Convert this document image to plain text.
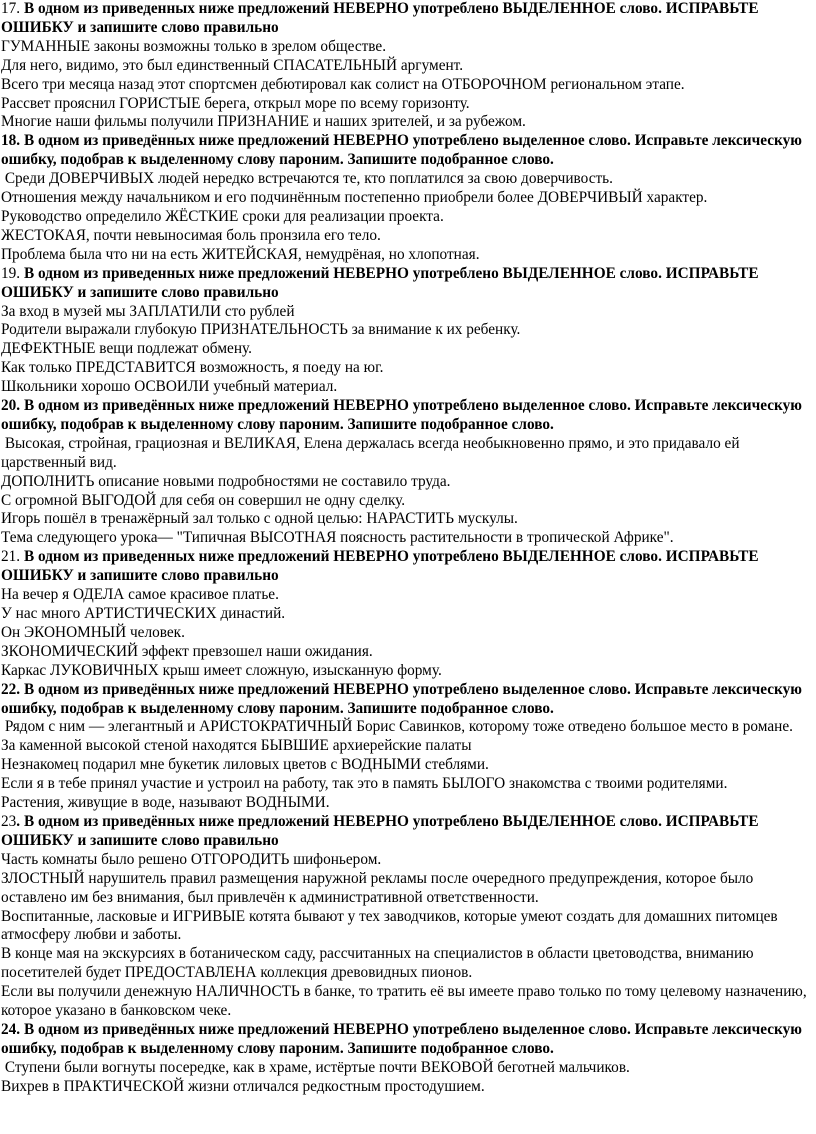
17. В одном из приведенных ниже предложений НЕВЕРНО употреблено ВЫДЕЛЕННОЕ слово. ИСПРАВЬТЕ ОШИБКУ и запишите слово правильно

ГУМАННЫЕ законы возможны только в зрелом обществе.

Для него, видимо, это был единственный СПАСАТЕЛЬНЫЙ аргумент.

Всего три месяца назад этот спортсмен дебютировал как солист на ОТБОРОЧНОМ региональном этапе.

Рассвет прояснил ГОРИСТЫЕ берега, открыл море по всему горизонту.

Многие наши фильмы получили ПРИЗНАНИЕ и наших зрителей, и за рубежом.

18. В одном из приведённых ниже предложений НЕВЕРНО употреблено выделенное слово. Исправьте лексическую ошибку, подобрав к выделенному слову пароним. Запишите подобранное слово.

Среди ДОВЕРЧИВЫХ людей нередко встречаются те, кто поплатился за свою доверчивость.

Отношения между начальником и его подчинённым постепенно приобрели более ДОВЕРЧИВЫЙ характер.

Руководство определило ЖЁСТКИЕ сроки для реализации проекта.

ЖЕСТОКАЯ, почти невыносимая боль пронзила его тело.

Проблема была что ни на есть ЖИТЕЙСКАЯ, немудрёная, но хлопотная.

19. В одном из приведенных ниже предложений НЕВЕРНО употреблено ВЫДЕЛЕННОЕ слово. ИСПРАВЬТЕ ОШИБКУ и запишите слово правильно

За вход в музей мы ЗАПЛАТИЛИ сто рублей

Родители выражали глубокую ПРИЗНАТЕЛЬНОСТЬ за внимание к их ребенку.

ДЕФЕКТНЫЕ вещи подлежат обмену.

Как только ПРЕДСТАВИТСЯ возможность, я поеду на юг.

Школьники хорошо ОСВОИЛИ учебный материал.

20. В одном из приведённых ниже предложений НЕВЕРНО употреблено выделенное слово. Исправьте лексическую ошибку, подобрав к выделенному слову пароним. Запишите подобранное слово.

Высокая, стройная, грациозная и ВЕЛИКАЯ, Елена держалась всегда необыкновенно прямо, и это придавало ей царственный вид.

ДОПОЛНИТЬ описание новыми подробностями не составило труда.

С огромной ВЫГОДОЙ для себя он совершил не одну сделку.

Игорь пошёл в тренажёрный зал только с одной целью: НАРАСТИТЬ мускулы.

Тема следующего урока— "Типичная ВЫСОТНАЯ поясность растительности в тропической Африке".

21. В одном из приведенных ниже предложений НЕВЕРНО употреблено ВЫДЕЛЕННОЕ слово. ИСПРАВЬТЕ ОШИБКУ и запишите слово правильно

На вечер я ОДЕЛА самое красивое платье.

У нас много АРТИСТИЧЕСКИХ династий.

Он ЭКОНОМНЫЙ человек.

ЗКОНОМИЧЕСКИЙ эффект превзошел наши ожидания.

Каркас ЛУКОВИЧНЫХ крыш имеет сложную, изысканную форму.

22. В одном из приведённых ниже предложений НЕВЕРНО употреблено выделенное слово. Исправьте лексическую ошибку, подобрав к выделенному слову пароним. Запишите подобранное слово.

Рядом с ним — элегантный и АРИСТОКРАТИЧНЫЙ Борис Савинков, которому тоже отведено большое место в романе.

За каменной высокой стеной находятся БЫВШИЕ архиерейские палаты

Незнакомец подарил мне букетик лиловых цветов с ВОДНЫМИ стеблями.

Если я в тебе принял участие и устроил на работу, так это в память БЫЛОГО знакомства с твоими родителями.

Растения, живущие в воде, называют ВОДНЫМИ.

23. В одном из приведённых ниже предложений НЕВЕРНО употреблено ВЫДЕЛЕННОЕ слово. ИСПРАВЬТЕ ОШИБКУ и запишите слово правильно

Часть комнаты было решено ОТГОРОДИТЬ шифоньером.

ЗЛОСТНЫЙ нарушитель правил размещения наружной рекламы после очередного предупреждения, которое было оставлено им без внимания, был привлечён к административной ответственности.

Воспитанные, ласковые и ИГРИВЫЕ котята бывают у тех заводчиков, которые умеют создать для домашних питомцев атмосферу любви и заботы.

В конце мая на экскурсиях в ботаническом саду, рассчитанных на специалистов в области цветоводства, вниманию посетителей будет ПРЕДОСТАВЛЕНА коллекция древовидных пионов.

Если вы получили денежную НАЛИЧНОСТЬ в банке, то тратить её вы имеете право только по тому целевому назначению, которое указано в банковском чеке.

24. В одном из приведённых ниже предложений НЕВЕРНО употреблено выделенное слово. Исправьте лексическую ошибку, подобрав к выделенному слову пароним. Запишите подобранное слово.

Ступени были вогнуты посередке, как в храме, истёртые почти ВЕКОВОЙ беготней мальчиков.

Вихрев в ПРАКТИЧЕСКОЙ жизни отличался редкостным простодушием.
